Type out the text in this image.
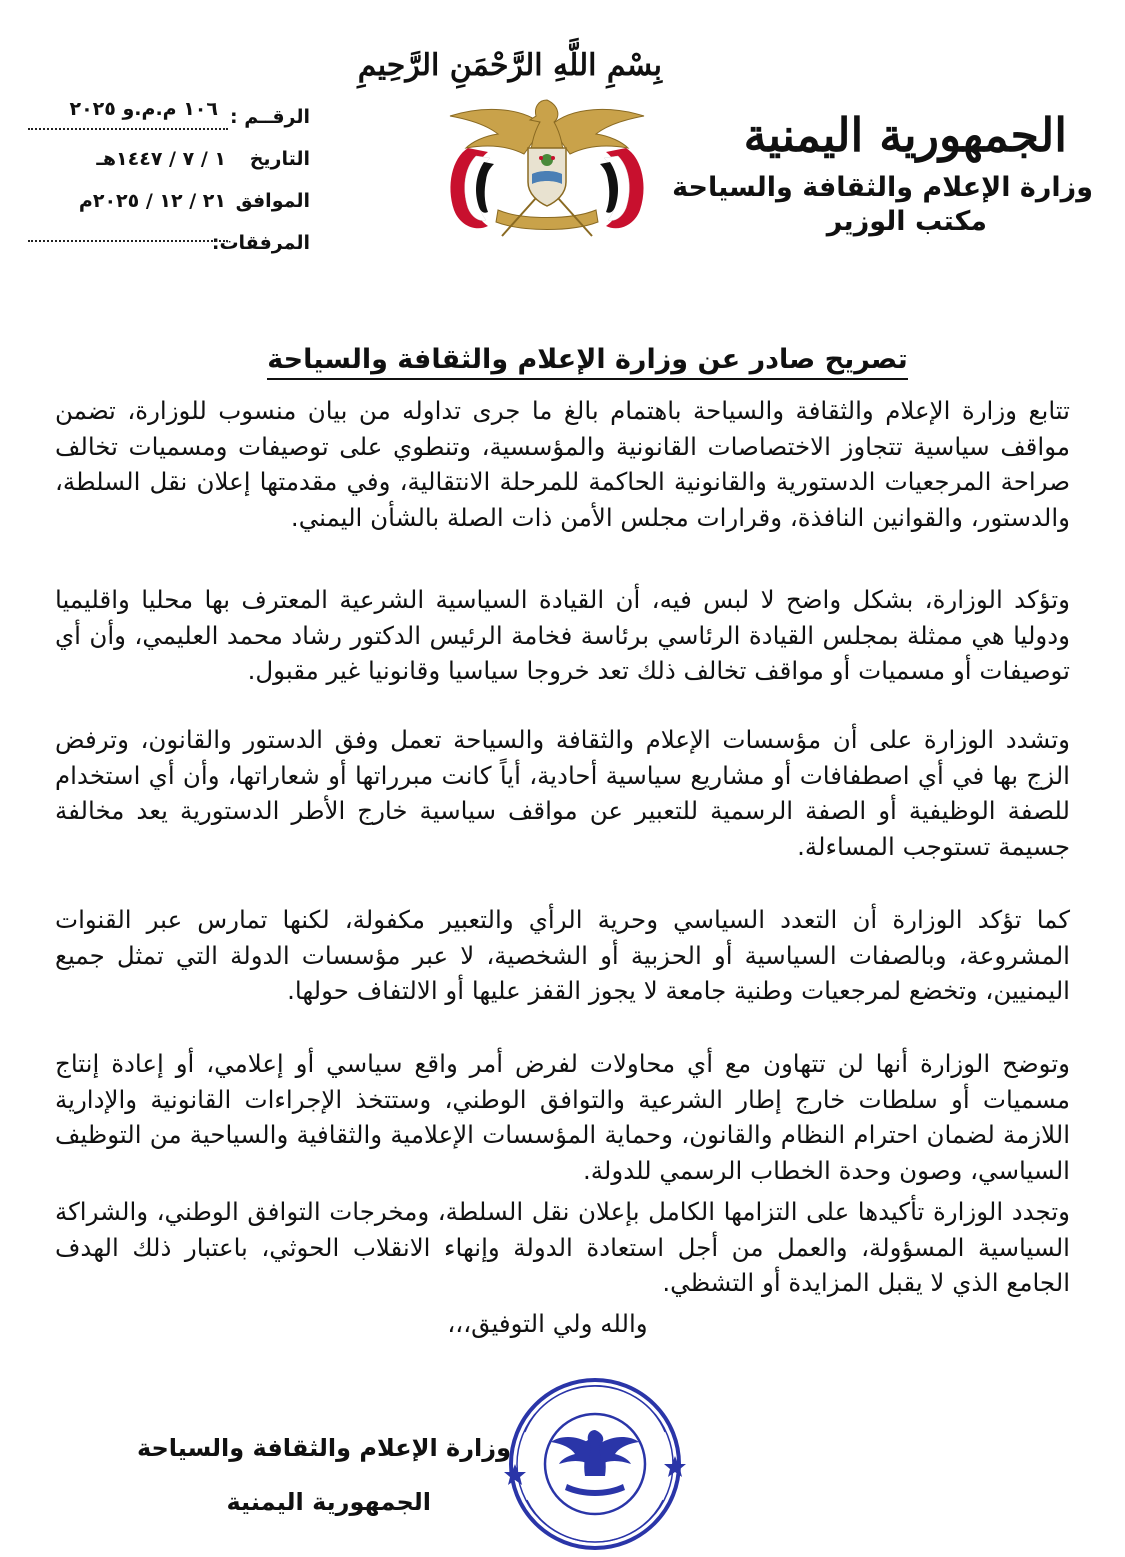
بِسْمِ اللَّهِ الرَّحْمَنِ الرَّحِيمِ
الجمهورية اليمنية
وزارة الإعلام والثقافة والسياحة
مكتب الوزير
الرقــم :
١٠٦ م.م.و ٢٠٢٥
التاريخ
١ / ٧ / ١٤٤٧هـ
الموافق
٢١ / ١٢ / ٢٠٢٥م
المرفقات:
تصريح صادر عن وزارة الإعلام والثقافة والسياحة

تتابع وزارة الإعلام والثقافة والسياحة باهتمام بالغ ما جرى تداوله من بيان منسوب للوزارة، تضمن مواقف سياسية تتجاوز الاختصاصات القانونية والمؤسسية، وتنطوي على توصيفات ومسميات تخالف صراحة المرجعيات الدستورية والقانونية الحاكمة للمرحلة الانتقالية، وفي مقدمتها إعلان نقل السلطة، والدستور، والقوانين النافذة، وقرارات مجلس الأمن ذات الصلة بالشأن اليمني.

وتؤكد الوزارة، بشكل واضح لا لبس فيه، أن القيادة السياسية الشرعية المعترف بها محليا واقليميا ودوليا هي ممثلة بمجلس القيادة الرئاسي برئاسة فخامة الرئيس الدكتور رشاد محمد العليمي، وأن أي توصيفات أو مسميات أو مواقف تخالف ذلك تعد خروجا سياسيا وقانونيا غير مقبول.

وتشدد الوزارة على أن مؤسسات الإعلام والثقافة والسياحة تعمل وفق الدستور والقانون، وترفض الزج بها في أي اصطفافات أو مشاريع سياسية أحادية، أياً كانت مبرراتها أو شعاراتها، وأن أي استخدام للصفة الوظيفية أو الصفة الرسمية للتعبير عن مواقف سياسية خارج الأطر الدستورية يعد مخالفة جسيمة تستوجب المساءلة.

كما تؤكد الوزارة أن التعدد السياسي وحرية الرأي والتعبير مكفولة، لكنها تمارس عبر القنوات المشروعة، وبالصفات السياسية أو الحزبية أو الشخصية، لا عبر مؤسسات الدولة التي تمثل جميع اليمنيين، وتخضع لمرجعيات وطنية جامعة لا يجوز القفز عليها أو الالتفاف حولها.

وتوضح الوزارة أنها لن تتهاون مع أي محاولات لفرض أمر واقع سياسي أو إعلامي، أو إعادة إنتاج مسميات أو سلطات خارج إطار الشرعية والتوافق الوطني، وستتخذ الإجراءات القانونية والإدارية اللازمة لضمان احترام النظام والقانون، وحماية المؤسسات الإعلامية والثقافية والسياحية من التوظيف السياسي، وصون وحدة الخطاب الرسمي للدولة.

وتجدد الوزارة تأكيدها على التزامها الكامل بإعلان نقل السلطة، ومخرجات التوافق الوطني، والشراكة السياسية المسؤولة، والعمل من أجل استعادة الدولة وإنهاء الانقلاب الحوثي، باعتبار ذلك الهدف الجامع الذي لا يقبل المزايدة أو التشظي.

والله ولي التوفيق،،،
وزارة الإعلام والثقافة والسياحة
الجمهورية اليمنية
